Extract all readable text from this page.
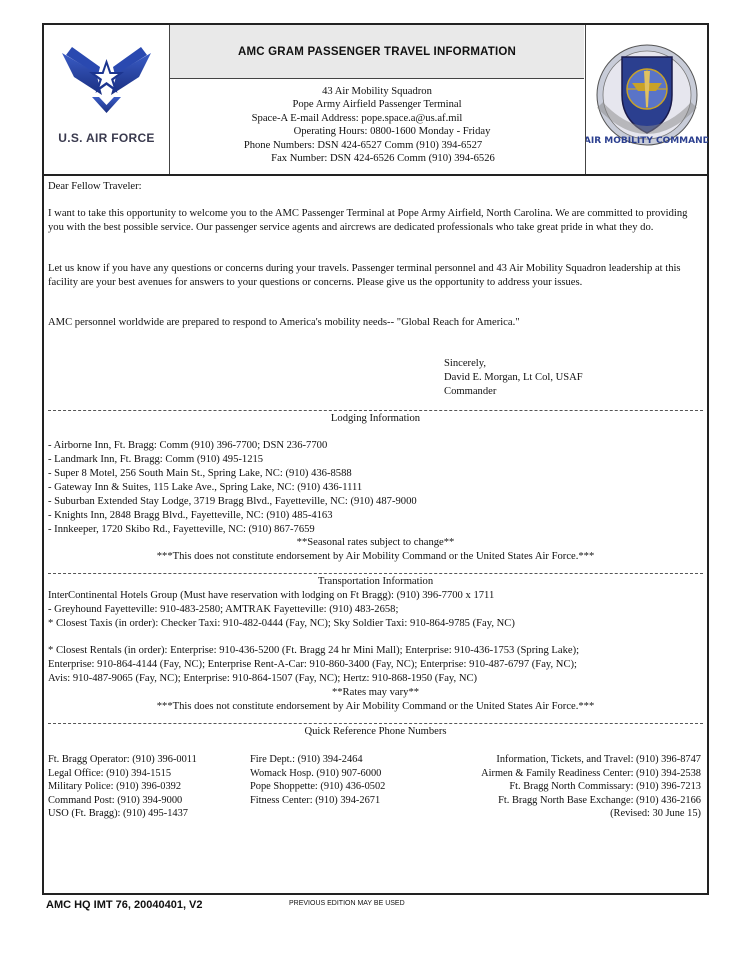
U.S. AIR FORCE
AMC GRAM PASSENGER TRAVEL INFORMATION
43 Air Mobility Squadron
Pope Army Airfield Passenger Terminal
Space-A E-mail Address: pope.space.a@us.af.mil
Operating Hours: 0800-1600 Monday - Friday
Phone Numbers: DSN 424-6527 Comm (910) 394-6527
Fax Number: DSN 424-6526 Comm (910) 394-6526
AIR MOBILITY COMMAND
Dear Fellow Traveler:
I want to take this opportunity to welcome you to the AMC Passenger Terminal at Pope Army Airfield, North Carolina. We are committed to providing you with the best possible service. Our passenger service agents and aircrews are dedicated professionals who take great pride in what they do.
Let us know if you have any questions or concerns during your travels. Passenger terminal personnel and 43 Air Mobility Squadron leadership at this facility are your best avenues for answers to your questions or concerns. Please give us the opportunity to address your issues.
AMC personnel worldwide are prepared to respond to America's mobility needs-- "Global Reach for America."
Sincerely,
David E. Morgan, Lt Col, USAF
Commander
Lodging Information
- Airborne Inn, Ft. Bragg: Comm (910) 396-7700; DSN 236-7700
- Landmark Inn, Ft. Bragg: Comm (910) 495-1215
- Super 8 Motel, 256 South Main St., Spring Lake, NC: (910) 436-8588
- Gateway Inn & Suites, 115 Lake Ave., Spring Lake, NC: (910) 436-1111
- Suburban Extended Stay Lodge, 3719 Bragg Blvd., Fayetteville, NC: (910) 487-9000
- Knights Inn, 2848 Bragg Blvd., Fayetteville, NC: (910) 485-4163
- Innkeeper, 1720 Skibo Rd., Fayetteville, NC: (910) 867-7659
**Seasonal rates subject to change**
***This does not constitute endorsement by Air Mobility Command or the United States Air Force.***
Transportation Information
InterContinental Hotels Group (Must have reservation with lodging on Ft Bragg): (910) 396-7700 x 1711
- Greyhound Fayetteville: 910-483-2580; AMTRAK Fayetteville: (910) 483-2658;
* Closest Taxis (in order): Checker Taxi: 910-482-0444 (Fay, NC); Sky Soldier Taxi: 910-864-9785 (Fay, NC)
* Closest Rentals (in order): Enterprise: 910-436-5200 (Ft. Bragg 24 hr Mini Mall); Enterprise: 910-436-1753 (Spring Lake);
Enterprise: 910-864-4144 (Fay, NC); Enterprise Rent-A-Car: 910-860-3400 (Fay, NC); Enterprise: 910-487-6797 (Fay, NC);
Avis: 910-487-9065 (Fay, NC); Enterprise: 910-864-1507 (Fay, NC); Hertz: 910-868-1950 (Fay, NC)
**Rates may vary**
***This does not constitute endorsement by Air Mobility Command or the United States Air Force.***
Quick Reference Phone Numbers
Ft. Bragg Operator: (910) 396-0011
Legal Office: (910) 394-1515
Military Police: (910) 396-0392
Command Post: (910) 394-9000
USO (Ft. Bragg): (910) 495-1437
Fire Dept.: (910) 394-2464
Womack Hosp. (910) 907-6000
Pope Shoppette: (910) 436-0502
Fitness Center: (910) 394-2671
Information, Tickets, and Travel: (910) 396-8747
Airmen & Family Readiness Center: (910) 394-2538
Ft. Bragg North Commissary: (910) 396-7213
Ft. Bragg North Base Exchange: (910) 436-2166
(Revised: 30 June 15)
AMC HQ IMT 76, 20040401, V2	PREVIOUS EDITION MAY BE USED
